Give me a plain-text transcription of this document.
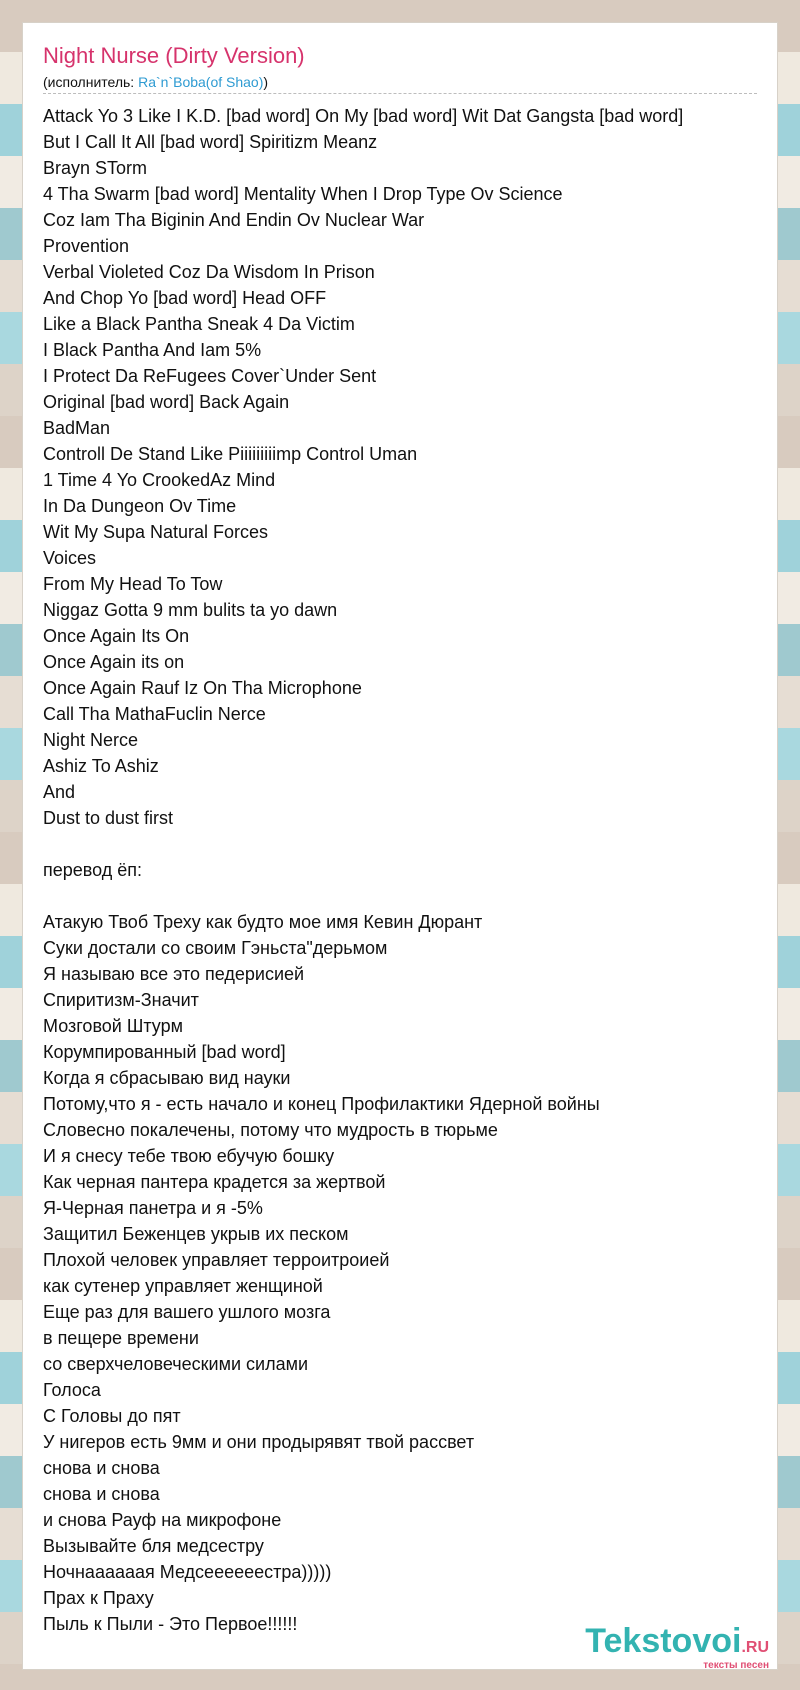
Night Nurse (Dirty Version)
(исполнитель: Ra`n`Boba(of Shao))
Attack Yo 3 Like I K.D. [bad word] On My [bad word] Wit Dat Gangsta [bad word]
But I Call It All [bad word] Spiritizm Meanz
Brayn STorm
4 Tha Swarm [bad word] Mentality When I Drop Type Ov Science
Coz Iam Tha Biginin And Endin Ov Nuclear War
Provention
Verbal Violeted Coz Da Wisdom In Prison
And Chop Yo [bad word] Head OFF
Like a Black Pantha Sneak 4 Da Victim
I Black Pantha And Iam 5%
I Protect Da ReFugees Cover`Under Sent
Original [bad word] Back Again
BadMan
Controll De Stand Like Piiiiiiiiimp Control Uman
1 Time 4 Yo CrookedAz Mind
In Da Dungeon Ov Time
Wit My Supa Natural Forces
Voices
From My Head To Tow
Niggaz Gotta 9 mm bulits ta yo dawn
Once Again Its On
Once Again its on
Once Again Rauf Iz On Tha Microphone
Call Tha MathaFuclin Nerce
Night Nerce
Ashiz To Ashiz
And
Dust to dust first

перевод ёп:

Атакую Твоб Треху как будто мое имя Кевин Дюрант
Суки достали со своим Гэньста"дерьмом
Я называю все это педерисией
Спиритизм-Значит
Мозговой Штурм
Корумпированный [bad word]
Когда я сбрасываю вид науки
Потому,что я - есть начало и конец Профилактики Ядерной войны
Словесно покалечены, потому что мудрость в тюрьме
И я снесу тебе твою ебучую бошку
Как черная пантера крадется за жертвой
Я-Черная панетра и я -5%
Защитил Беженцев укрыв их песком
Плохой человек управляет терроитроией
как сутенер управляет женщиной
Еще раз для вашего ушлого мозга
в пещере времени
со сверхчеловеческими силами
Голоса
С Головы до пят
У нигеров есть 9мм и они продырявят твой рассвет
снова и снова
снова и снова
и снова Рауф на микрофоне
Вызывайте бля медсестру
Ночнаааааая Медсеееееестра)))))
Прах к Праху
Пыль к Пыли - Это Первое!!!!!!	Tekstovoi.RU
тексты песен
